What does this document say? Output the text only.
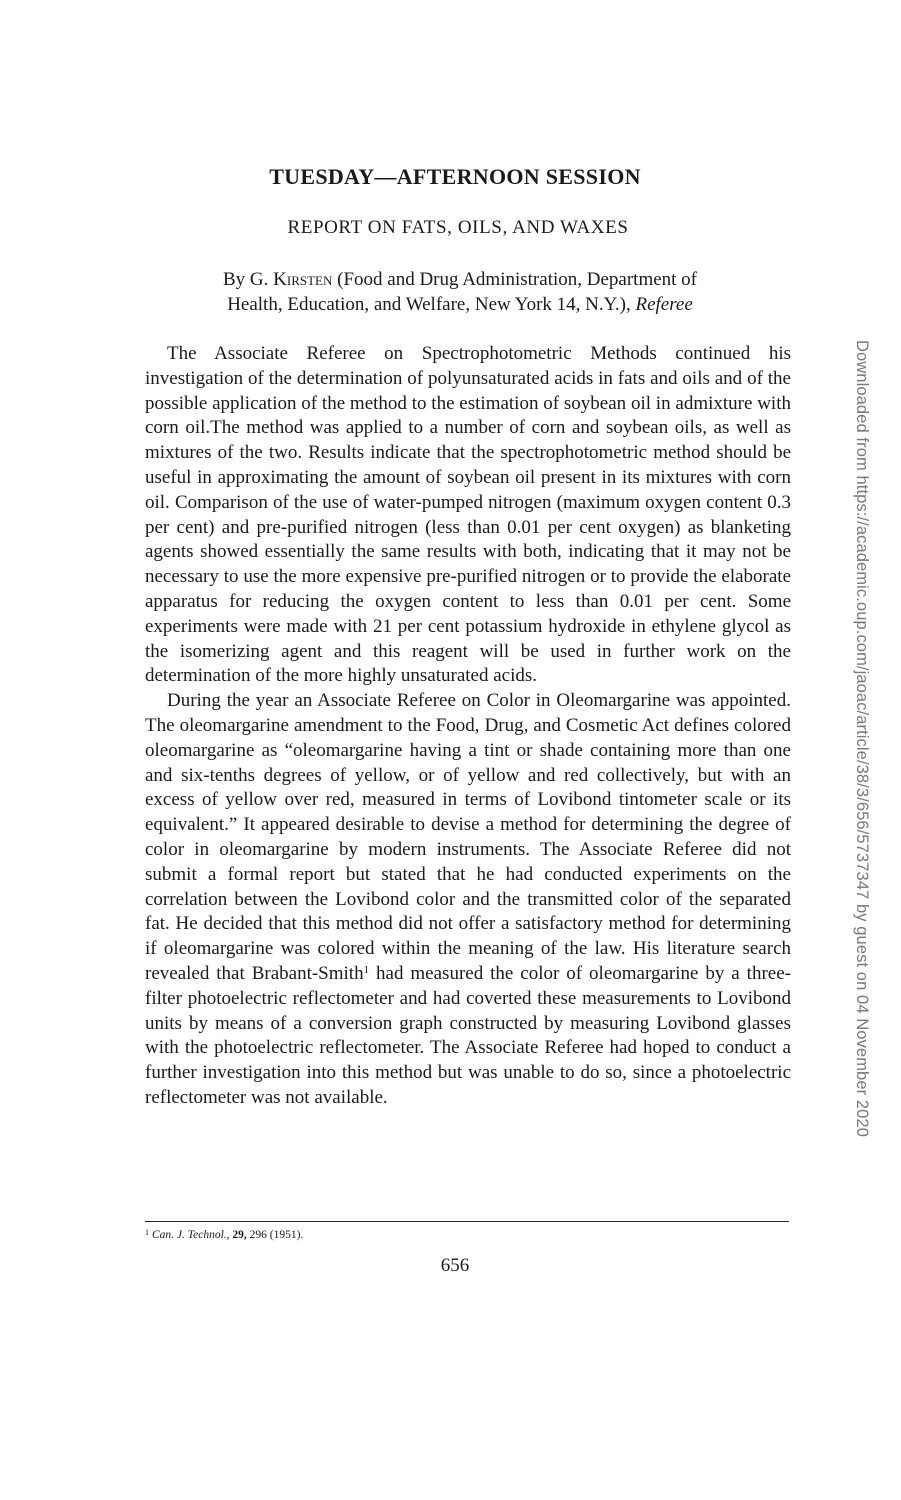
TUESDAY—AFTERNOON SESSION
REPORT ON FATS, OILS, AND WAXES
By G. Kirsten (Food and Drug Administration, Department of
Health, Education, and Welfare, New York 14, N.Y.), Referee

The Associate Referee on Spectrophotometric Methods continued his investigation of the determination of polyunsaturated acids in fats and oils and of the possible application of the method to the estimation of soybean oil in admixture with corn oil.The method was applied to a number of corn and soybean oils, as well as mixtures of the two. Results indicate that the spectrophotometric method should be useful in approximating the amount of soybean oil present in its mixtures with corn oil. Comparison of the use of water-pumped nitrogen (maximum oxygen content 0.3 per cent) and pre-purified nitrogen (less than 0.01 per cent oxygen) as blanketing agents showed essentially the same results with both, indicating that it may not be necessary to use the more expensive pre-purified nitrogen or to provide the elaborate apparatus for reducing the oxygen content to less than 0.01 per cent. Some experiments were made with 21 per cent potassium hydroxide in ethylene glycol as the isomerizing agent and this reagent will be used in further work on the determination of the more highly unsaturated acids.

During the year an Associate Referee on Color in Oleomargarine was appointed. The oleomargarine amendment to the Food, Drug, and Cosmetic Act defines colored oleomargarine as “oleomargarine having a tint or shade containing more than one and six-tenths degrees of yellow, or of yellow and red collectively, but with an excess of yellow over red, measured in terms of Lovibond tintometer scale or its equivalent.” It appeared desirable to devise a method for determining the degree of color in oleomargarine by modern instruments. The Associate Referee did not submit a formal report but stated that he had conducted experiments on the correlation between the Lovibond color and the transmitted color of the separated fat. He decided that this method did not offer a satisfactory method for determining if oleomargarine was colored within the meaning of the law. His literature search revealed that Brabant-Smith$^1$ had measured the color of oleomargarine by a three-filter photoelectric reflectometer and had coverted these measurements to Lovibond units by means of a conversion graph constructed by measuring Lovibond glasses with the photoelectric reflectometer. The Associate Referee had hoped to conduct a further investigation into this method but was unable to do so, since a photoelectric reflectometer was not available.

$^1$ Can. J. Technol., 29, 296 (1951).
656
Downloaded from https://academic.oup.com/jaoac/article/38/3/656/5737347 by guest on 04 November 2020
